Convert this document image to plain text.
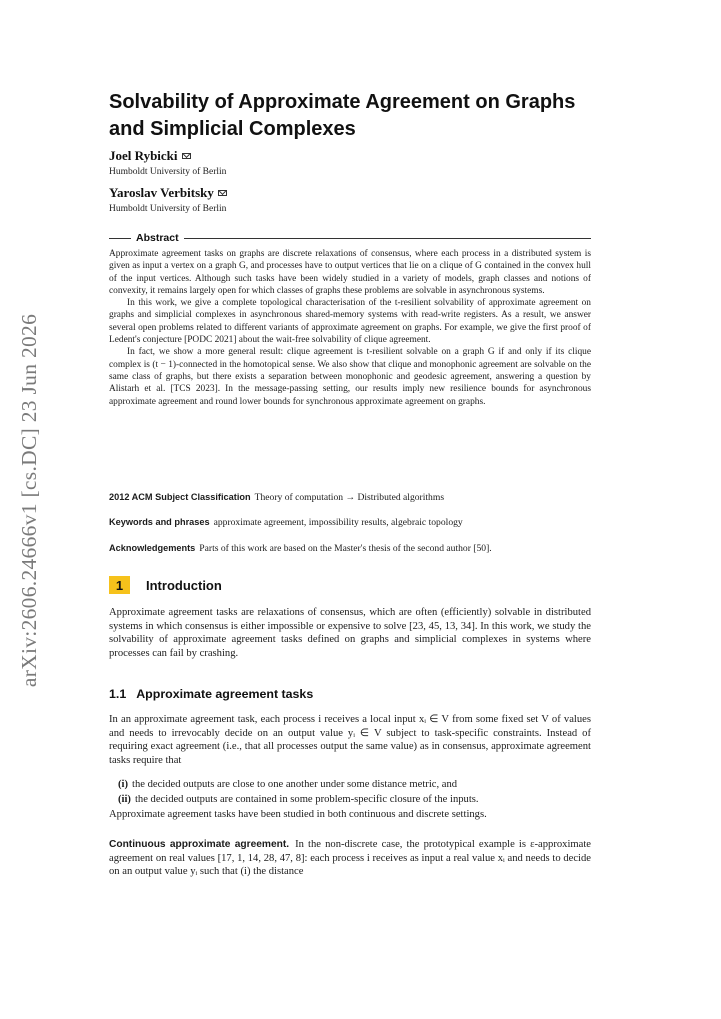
arXiv:2606.24666v1 [cs.DC] 23 Jun 2026
Solvability of Approximate Agreement on Graphs
and Simplicial Complexes
Joel Rybicki
Humboldt University of Berlin
Yaroslav Verbitsky
Humboldt University of Berlin
Abstract

Approximate agreement tasks on graphs are discrete relaxations of consensus, where each process in a distributed system is given as input a vertex on a graph G, and processes have to output vertices that lie on a clique of G contained in the convex hull of the input vertices. Although such tasks have been widely studied in a variety of models, graph classes and notions of convexity, it remains largely open for which classes of graphs these problems are solvable in asynchronous systems.

In this work, we give a complete topological characterisation of the t-resilient solvability of approximate agreement on graphs and simplicial complexes in asynchronous shared-memory systems with read-write registers. As a result, we answer several open problems related to different variants of approximate agreement on graphs. For example, we give the first proof of Ledent's conjecture [PODC 2021] about the wait-free solvability of clique agreement.

In fact, we show a more general result: clique agreement is t-resilient solvable on a graph G if and only if its clique complex is (t − 1)-connected in the homotopical sense. We also show that clique and monophonic agreement are solvable on the same class of graphs, but there exists a separation between monophonic and geodesic agreement, answering a question by Alistarh et al. [TCS 2023]. In the message-passing setting, our results imply new resilience bounds for asynchronous approximate agreement and round lower bounds for synchronous approximate agreement on graphs.

2012 ACM Subject Classification Theory of computation → Distributed algorithms
Keywords and phrases approximate agreement, impossibility results, algebraic topology
Acknowledgements Parts of this work are based on the Master's thesis of the second author [50].
1	Introduction
Approximate agreement tasks are relaxations of consensus, which are often (efficiently) solvable in distributed systems in which consensus is either impossible or expensive to solve [23, 45, 13, 34]. In this work, we study the solvability of approximate agreement tasks defined on graphs and simplicial complexes in systems where processes can fail by crashing.
1.1 Approximate agreement tasks
In an approximate agreement task, each process i receives a local input xᵢ ∈ V from some fixed set V of values and needs to irrevocably decide on an output value yᵢ ∈ V subject to task-specific constraints. Instead of requiring exact agreement (i.e., that all processes output the same value) as in consensus, approximate agreement tasks require that
(i) the decided outputs are close to one another under some distance metric, and
(ii) the decided outputs are contained in some problem-specific closure of the inputs.
Approximate agreement tasks have been studied in both continuous and discrete settings.
Continuous approximate agreement. In the non-discrete case, the prototypical example is ε-approximate agreement on real values [17, 1, 14, 28, 47, 8]: each process i receives as input a real value xᵢ and needs to decide on an output value yᵢ such that (i) the distance
